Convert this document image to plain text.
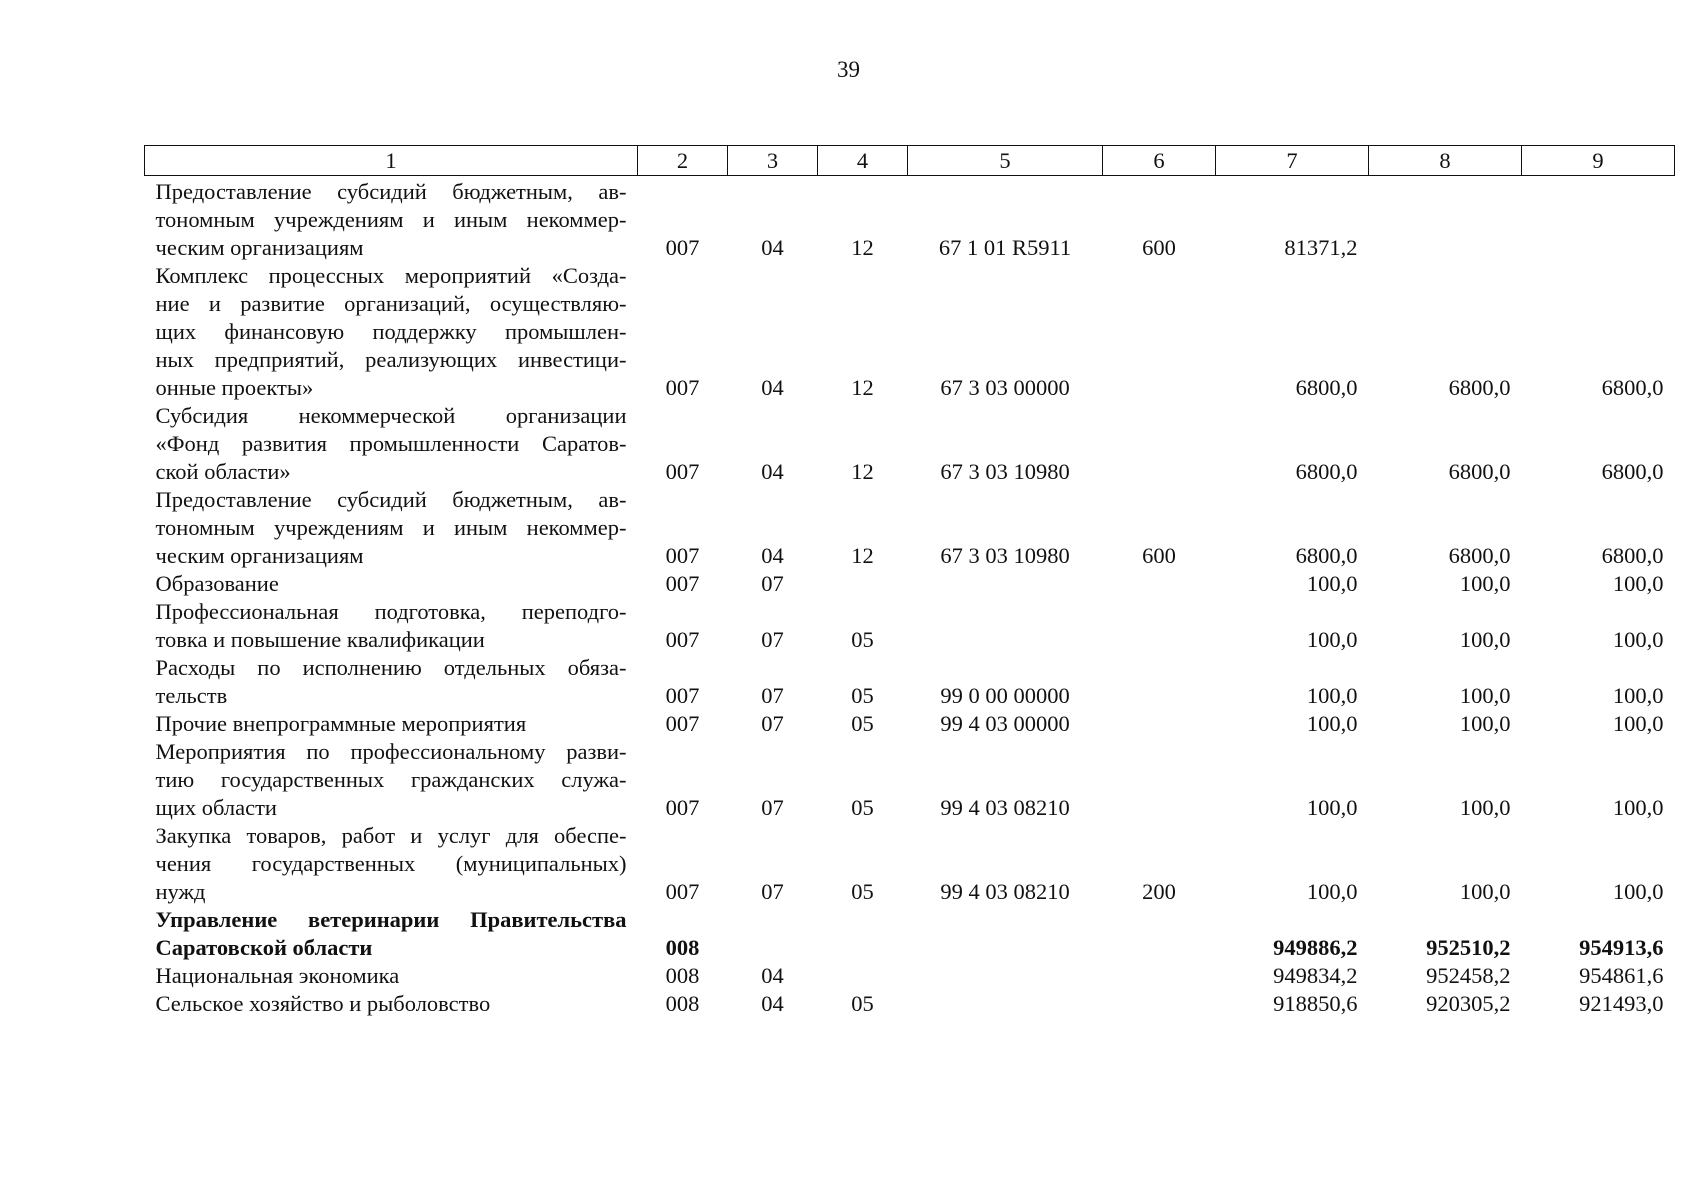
39
1	2	3	4	5	6	7	8	9

Предоставление субсидий бюджетным, ав-
тономным учреждениям и иным некоммер-
ческим организациям	007	04	12	67 1 01 R5911	600	81371,2		

Комплекс процессных мероприятий «Созда-
ние и развитие организаций, осуществляю-
щих финансовую поддержку промышлен-
ных предприятий, реализующих инвестици-
онные проекты»	007	04	12	67 3 03 00000		6800,0	6800,0	6800,0

Субсидия некоммерческой организации
«Фонд развития промышленности Саратов-
ской области»	007	04	12	67 3 03 10980		6800,0	6800,0	6800,0

Предоставление субсидий бюджетным, ав-
тономным учреждениям и иным некоммер-
ческим организациям	007	04	12	67 3 03 10980	600	6800,0	6800,0	6800,0

Образование	007	07				100,0	100,0	100,0

Профессиональная подготовка, переподго-
товка и повышение квалификации	007	07	05			100,0	100,0	100,0

Расходы по исполнению отдельных обяза-
тельств	007	07	05	99 0 00 00000		100,0	100,0	100,0

Прочие внепрограммные мероприятия	007	07	05	99 4 03 00000		100,0	100,0	100,0

Мероприятия по профессиональному разви-
тию государственных гражданских служа-
щих области	007	07	05	99 4 03 08210		100,0	100,0	100,0

Закупка товаров, работ и услуг для обеспе-
чения государственных (муниципальных)
нужд	007	07	05	99 4 03 08210	200	100,0	100,0	100,0

Управление ветеринарии Правительства
Саратовской области	008					949886,2	952510,2	954913,6

Национальная экономика	008	04				949834,2	952458,2	954861,6

Сельское хозяйство и рыболовство	008	04	05			918850,6	920305,2	921493,0
